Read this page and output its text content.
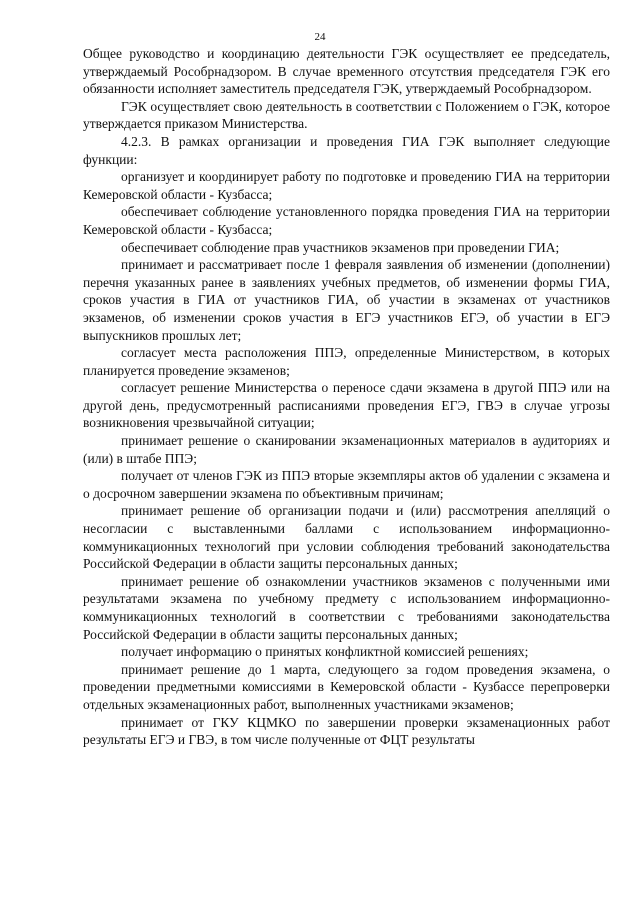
24

Общее руководство и координацию деятельности ГЭК осуществляет ее председатель, утверждаемый Рособрнадзором. В случае временного отсутствия председателя ГЭК его обязанности исполняет заместитель председателя ГЭК, утверждаемый Рособрнадзором.

ГЭК осуществляет свою деятельность в соответствии с Положением о ГЭК, которое утверждается приказом Министерства.

4.2.3. В рамках организации и проведения ГИА ГЭК выполняет следующие функции:

организует и координирует работу по подготовке и проведению ГИА на территории Кемеровской области - Кузбасса;

обеспечивает соблюдение установленного порядка проведения ГИА на территории Кемеровской области - Кузбасса;

обеспечивает соблюдение прав участников экзаменов при проведении ГИА;

принимает и рассматривает после 1 февраля заявления об изменении (дополнении) перечня указанных ранее в заявлениях учебных предметов, об изменении формы ГИА, сроков участия в ГИА от участников ГИА, об участии в экзаменах от участников экзаменов, об изменении сроков участия в ЕГЭ участников ЕГЭ, об участии в ЕГЭ выпускников прошлых лет;

согласует места расположения ППЭ, определенные Министерством, в которых планируется проведение экзаменов;

согласует решение Министерства о переносе сдачи экзамена в другой ППЭ или на другой день, предусмотренный расписаниями проведения ЕГЭ, ГВЭ в случае угрозы возникновения чрезвычайной ситуации;

принимает решение о сканировании экзаменационных материалов в аудиториях и (или) в штабе ППЭ;

получает от членов ГЭК из ППЭ вторые экземпляры актов об удалении с экзамена и о досрочном завершении экзамена по объективным причинам;

принимает решение об организации подачи и (или) рассмотрения апелляций о несогласии с выставленными баллами с использованием информационно-коммуникационных технологий при условии соблюдения требований законодательства Российской Федерации в области защиты персональных данных;

принимает решение об ознакомлении участников экзаменов с полученными ими результатами экзамена по учебному предмету с использованием информационно-коммуникационных технологий в соответствии с требованиями законодательства Российской Федерации в области защиты персональных данных;

получает информацию о принятых конфликтной комиссией решениях;

принимает решение до 1 марта, следующего за годом проведения экзамена, о проведении предметными комиссиями в Кемеровской области - Кузбассе перепроверки отдельных экзаменационных работ, выполненных участниками экзаменов;

принимает от ГКУ КЦМКО по завершении проверки экзаменационных работ результаты ЕГЭ и ГВЭ, в том числе полученные от ФЦТ результаты
